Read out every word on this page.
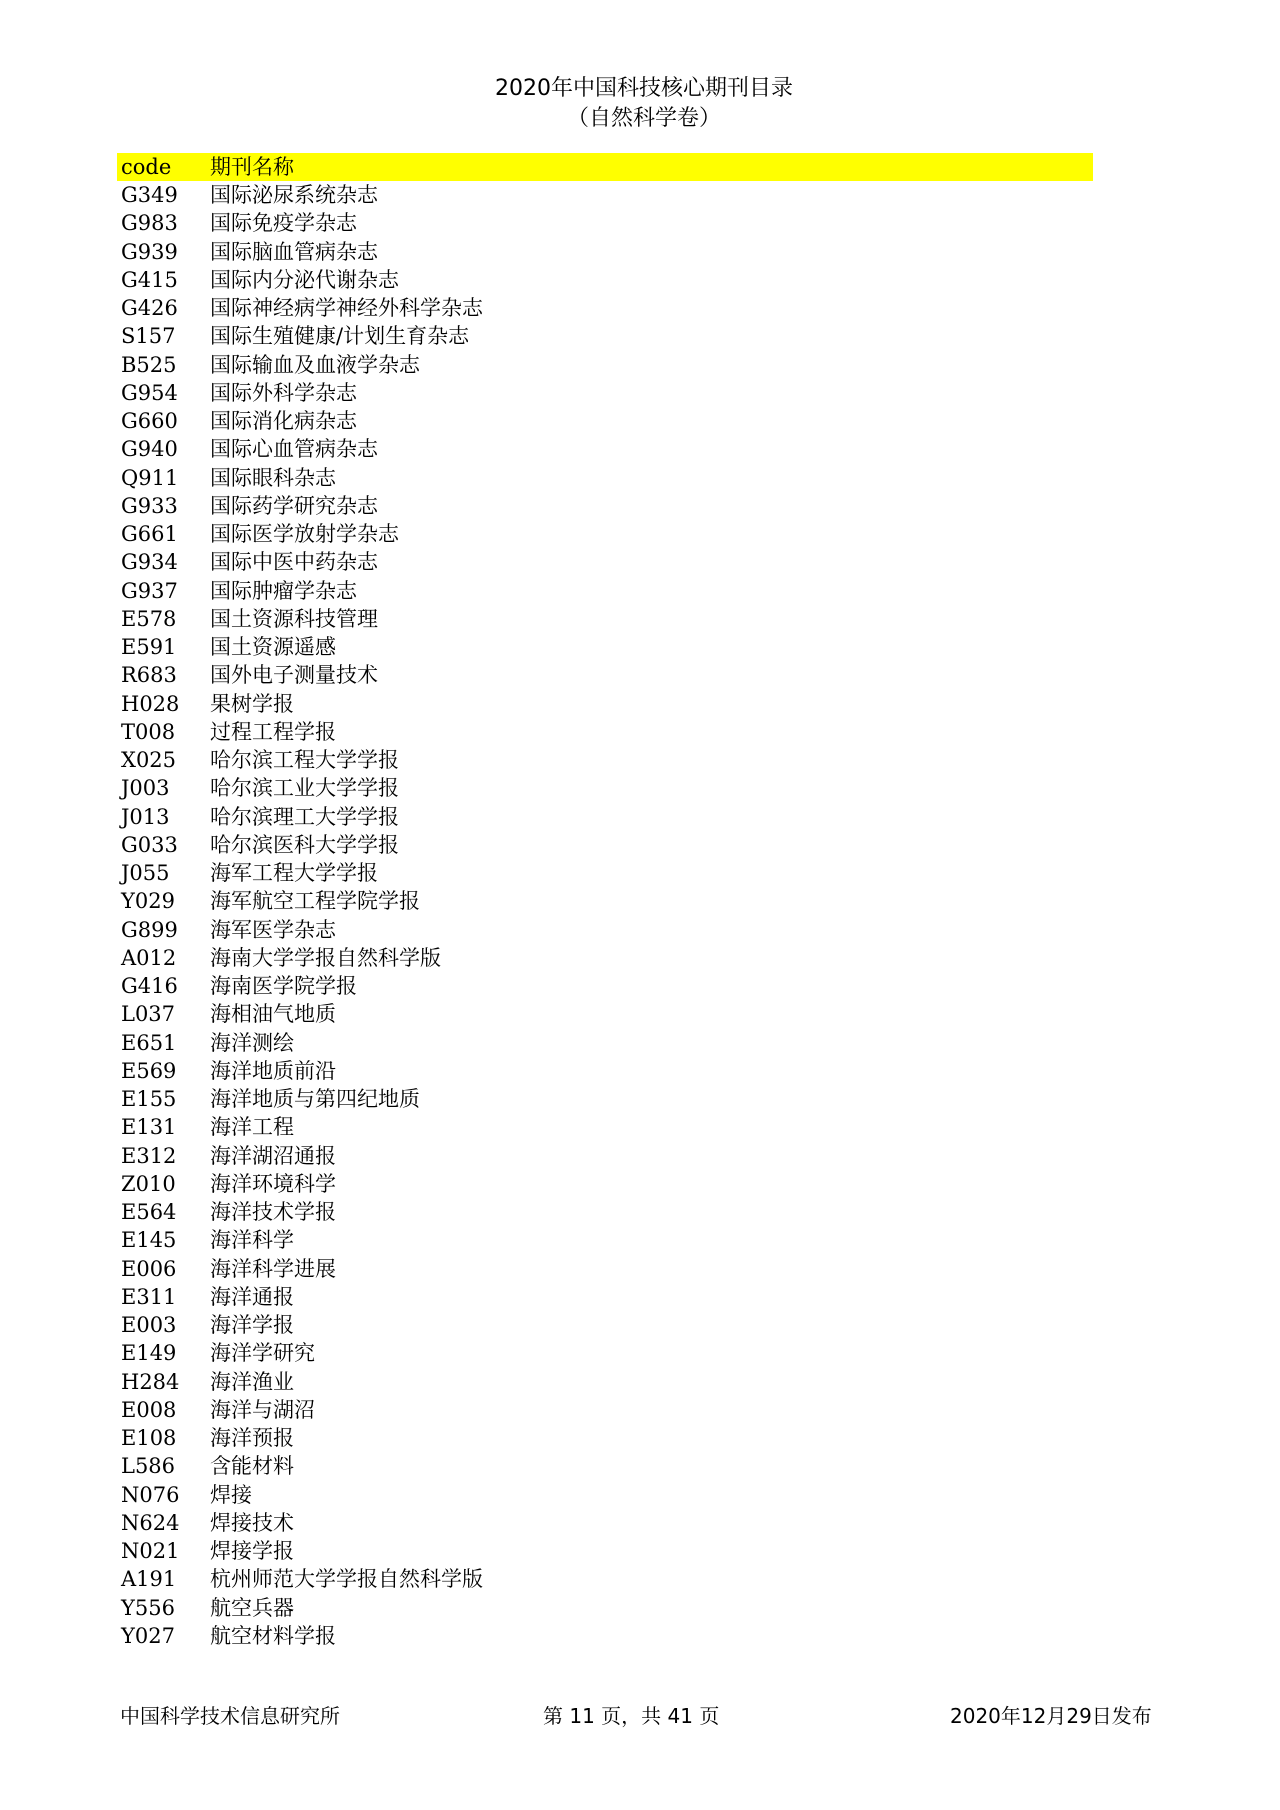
2020年中国科技核心期刊目录
（自然科学卷）
code 期刊名称
G349 国际泌尿系统杂志
G983 国际免疫学杂志
G939 国际脑血管病杂志
G415 国际内分泌代谢杂志
G426 国际神经病学神经外科学杂志
S157 国际生殖健康/计划生育杂志
B525 国际输血及血液学杂志
G954 国际外科学杂志
G660 国际消化病杂志
G940 国际心血管病杂志
Q911 国际眼科杂志
G933 国际药学研究杂志
G661 国际医学放射学杂志
G934 国际中医中药杂志
G937 国际肿瘤学杂志
E578 国土资源科技管理
E591 国土资源遥感
R683 国外电子测量技术
H028 果树学报
T008 过程工程学报
X025 哈尔滨工程大学学报
J003 哈尔滨工业大学学报
J013 哈尔滨理工大学学报
G033 哈尔滨医科大学学报
J055 海军工程大学学报
Y029 海军航空工程学院学报
G899 海军医学杂志
A012 海南大学学报自然科学版
G416 海南医学院学报
L037 海相油气地质
E651 海洋测绘
E569 海洋地质前沿
E155 海洋地质与第四纪地质
E131 海洋工程
E312 海洋湖沼通报
Z010 海洋环境科学
E564 海洋技术学报
E145 海洋科学
E006 海洋科学进展
E311 海洋通报
E003 海洋学报
E149 海洋学研究
H284 海洋渔业
E008 海洋与湖沼
E108 海洋预报
L586 含能材料
N076 焊接
N624 焊接技术
N021 焊接学报
A191 杭州师范大学学报自然科学版
Y556 航空兵器
Y027 航空材料学报
中国科学技术信息研究所	第 11 页，共 41 页	2020年12月29日发布
